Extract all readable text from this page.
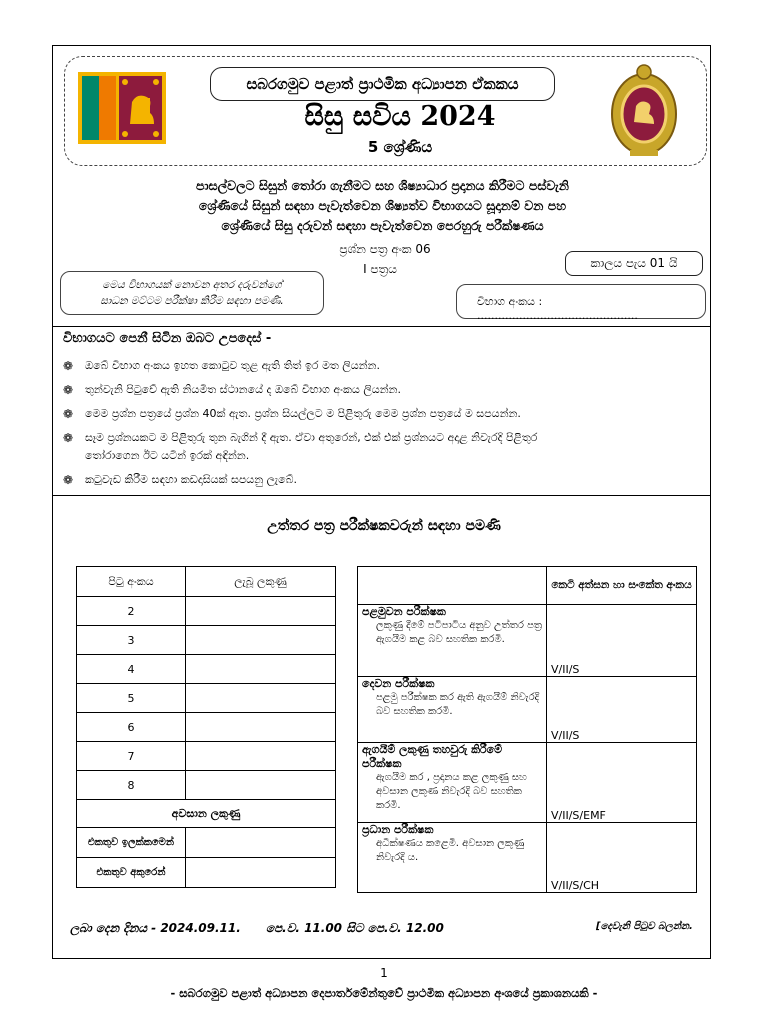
සබරගමුව පළාත් ප්‍රාථමික අධ්‍යාපන ඒකකය
සිසු සවිය 2024
5 ශ්‍රේණිය
පාසල්වලට සිසුන් තෝරා ගැනීමට සහ ශිෂ්‍යාධාර ප්‍රදානය කිරීමට පස්වැනි
ශ්‍රේණියේ සිසුන් සඳහා පැවැත්වෙන ශිෂ්‍යත්ව විභාගයට සූදානම් වන පහ
ශ්‍රේණියේ සිසු දරුවන් සඳහා පැවැත්වෙන පෙරහුරු පරීක්ෂණය
ප්‍රශ්න පත්‍ර අංක 06
I පත්‍රය	කාලය පැය 01 යි
මෙය විභාගයක් නොවන අතර දරුවන්ගේ
සාධන මට්ටම පරීක්ෂා කිරීම සඳහා පමණි.	විභාග අංකය : ..............................................
විභාගයට පෙනී සිටින ඔබට උපදෙස් -
❁	ඔබේ විභාග අංකය ඉහත කොටුව තුළ ඇති තිත් ඉර මත ලියන්න.
❁	තුන්වැනි පිටුවේ ඇති නියමිත ස්ථානයේ ද ඔබේ විභාග අංකය ලියන්න.
❁	මෙම ප්‍රශ්න පත්‍රයේ ප්‍රශ්න 40ක් ඇත. ප්‍රශ්න සියල්ලට ම පිළිතුරු මෙම ප්‍රශ්න පත්‍රයේ ම සපයන්න.
❁	සෑම ප්‍රශ්නයකට ම පිළිතුරු තුන බැගින් දී ඇත. ඒවා අතුරෙන්, එක් එක් ප්‍රශ්නයට අදාළ නිවැරදි පිළිතුර
තෝරාගෙන ඊට යටින් ඉරක් අඳින්න.
❁	කටුවැඩ කිරීම සඳහා කඩදාසියක් සපයනු ලැබේ.
උත්තර පත්‍ර පරීක්ෂකවරුන් සඳහා පමණි
පිටු අංකය	ලැබූ ලකුණු
2	
3	
4	
5	
6	
7	
8	
අවසාන ලකුණු	
එකතුව ඉලක්කමෙන්	
එකතුව අකුරෙන්	
	කෙටි අත්සන හා සංකේත අංකය

පළමුවන පරීක්ෂක
ලකුණු දීමේ පටිපාටිය අනුව උත්තර පත්‍ර ඇගයීම කළ බව සහතික කරමි.	V/II/S

දෙවන පරීක්ෂක
පළමු පරීක්ෂක කර ඇති ඇගයීම් නිවැරදි බව සහතික කරමි.	V/II/S

ඇගයීම් ලකුණු තහවුරු කිරීමේ පරීක්ෂක
ඇගයීම කර , ප්‍රදානය කළ ලකුණු සහ අවසාන ලකුණ නිවැරදි බව සහතික කරමි.	V/II/S/EMF

ප්‍රධාන පරීක්ෂක
අධීක්ෂණය කළෙමි. අවසාන ලකුණු නිවැරදි ය.	V/II/S/CH
ලබා දෙන දිනය - 2024.09.11.      පෙ.ව. 11.00 සිට පෙ.ව. 12.00	[දෙවැනි පිටුව බලන්න.
1
- සබරගමුව පළාත් අධ්‍යාපන දෙපාර්තමේන්තුවේ ප්‍රාථමික අධ්‍යාපන අංශයේ ප්‍රකාශනයකි -
